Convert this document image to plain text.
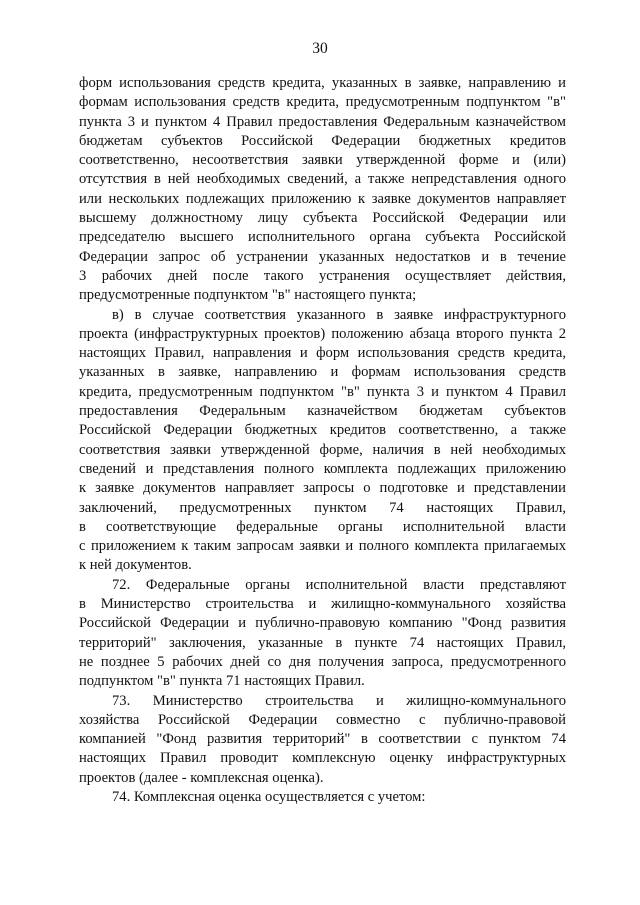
30
форм использования средств кредита, указанных в заявке, направлению и
формам использования средств кредита, предусмотренным подпунктом "в"
пункта 3 и пунктом 4 Правил предоставления Федеральным казначейством
бюджетам субъектов Российской Федерации бюджетных кредитов
соответственно, несоответствия заявки утвержденной форме и (или)
отсутствия в ней необходимых сведений, а также непредставления одного
или нескольких подлежащих приложению к заявке документов направляет
высшему должностному лицу субъекта Российской Федерации или
председателю высшего исполнительного органа субъекта Российской
Федерации запрос об устранении указанных недостатков и в течение
3 рабочих дней после такого устранения осуществляет действия,
предусмотренные подпунктом "в" настоящего пункта;
в) в случае соответствия указанного в заявке инфраструктурного
проекта (инфраструктурных проектов) положению абзаца второго пункта 2
настоящих Правил, направления и форм использования средств кредита,
указанных в заявке, направлению и формам использования средств
кредита, предусмотренным подпунктом "в" пункта 3 и пунктом 4 Правил
предоставления Федеральным казначейством бюджетам субъектов
Российской Федерации бюджетных кредитов соответственно, а также
соответствия заявки утвержденной форме, наличия в ней необходимых
сведений и представления полного комплекта подлежащих приложению
к заявке документов направляет запросы о подготовке и представлении
заключений, предусмотренных пунктом 74 настоящих Правил,
в соответствующие федеральные органы исполнительной власти
с приложением к таким запросам заявки и полного комплекта прилагаемых
к ней документов.
72. Федеральные органы исполнительной власти представляют
в Министерство строительства и жилищно-коммунального хозяйства
Российской Федерации и публично-правовую компанию "Фонд развития
территорий" заключения, указанные в пункте 74 настоящих Правил,
не позднее 5 рабочих дней со дня получения запроса, предусмотренного
подпунктом "в" пункта 71 настоящих Правил.
73. Министерство строительства и жилищно-коммунального
хозяйства Российской Федерации совместно с публично-правовой
компанией "Фонд развития территорий" в соответствии с пунктом 74
настоящих Правил проводит комплексную оценку инфраструктурных
проектов (далее - комплексная оценка).
74. Комплексная оценка осуществляется с учетом:
